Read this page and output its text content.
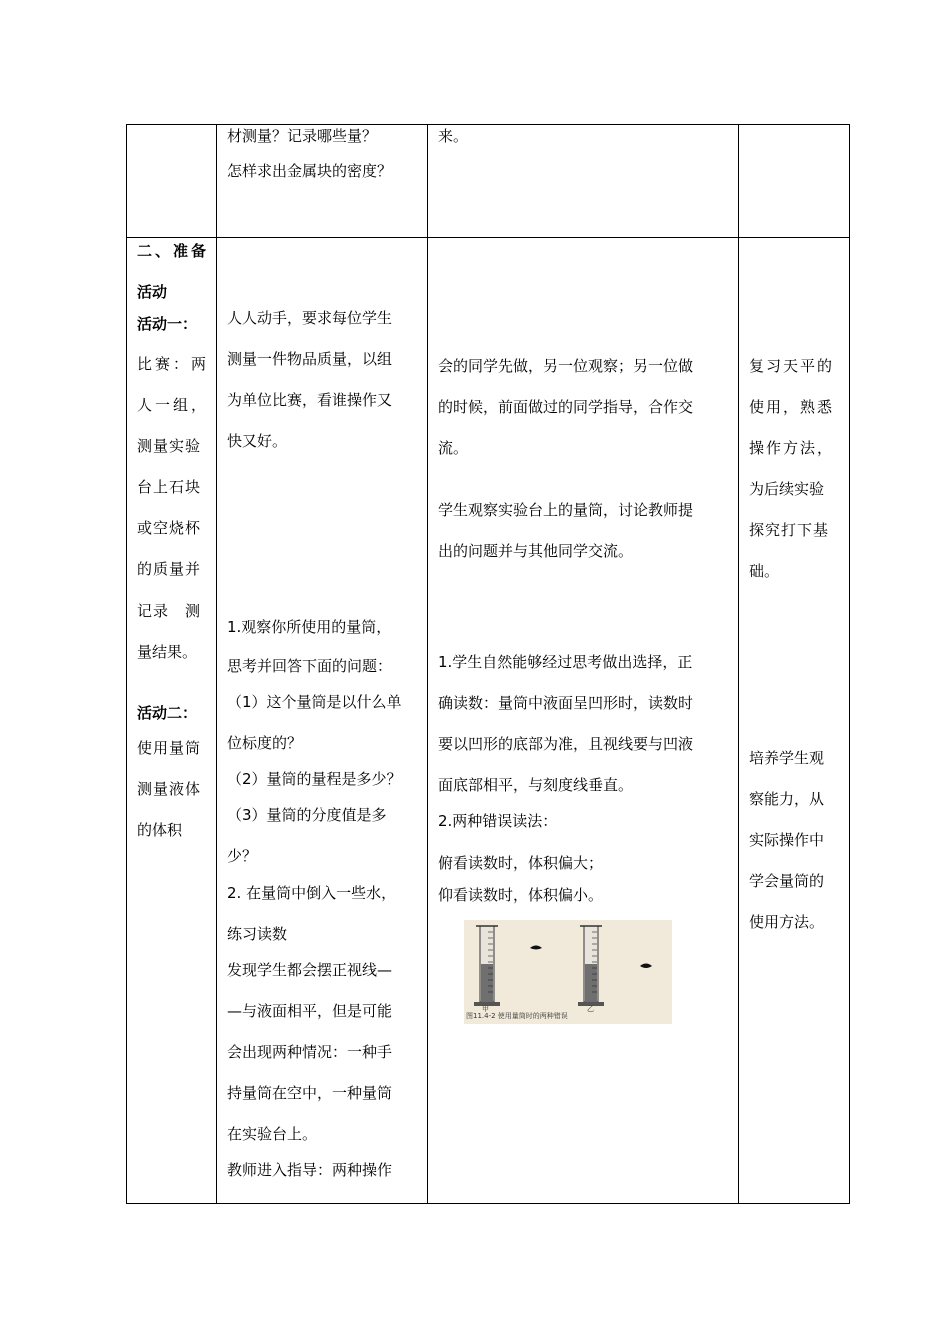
材测量？记录哪些量？
怎样求出金属块的密度？
来。
二、准备
活动
活动一：
比赛：两
人一组，
测量实验
台上石块
或空烧杯
的质量并
记录　测
量结果。
活动二：
使用量筒
测量液体
的体积
人人动手，要求每位学生
测量一件物品质量，以组
为单位比赛，看谁操作又
快又好。
1.观察你所使用的量筒，
思考并回答下面的问题：
（1）这个量筒是以什么单
位标度的？
（2）量筒的量程是多少？
（3）量筒的分度值是多
少？
2. 在量筒中倒入一些水，
练习读数
发现学生都会摆正视线—
—与液面相平，但是可能
会出现两种情况：一种手
持量筒在空中，一种量筒
在实验台上。
教师进入指导：两种操作
会的同学先做，另一位观察；另一位做
的时候，前面做过的同学指导，合作交
流。
学生观察实验台上的量筒，讨论教师提
出的问题并与其他同学交流。
1.学生自然能够经过思考做出选择，正
确读数：量筒中液面呈凹形时，读数时
要以凹形的底部为准，且视线要与凹液
面底部相平，与刻度线垂直。
2.两种错误读法：
俯看读数时，体积偏大；
仰看读数时，体积偏小。
甲	乙
图11.4-2 使用量筒时的两种错误
复习天平的
使用，熟悉
操作方法，
为后续实验
探究打下基
础。
培养学生观
察能力，从
实际操作中
学会量筒的
使用方法。
